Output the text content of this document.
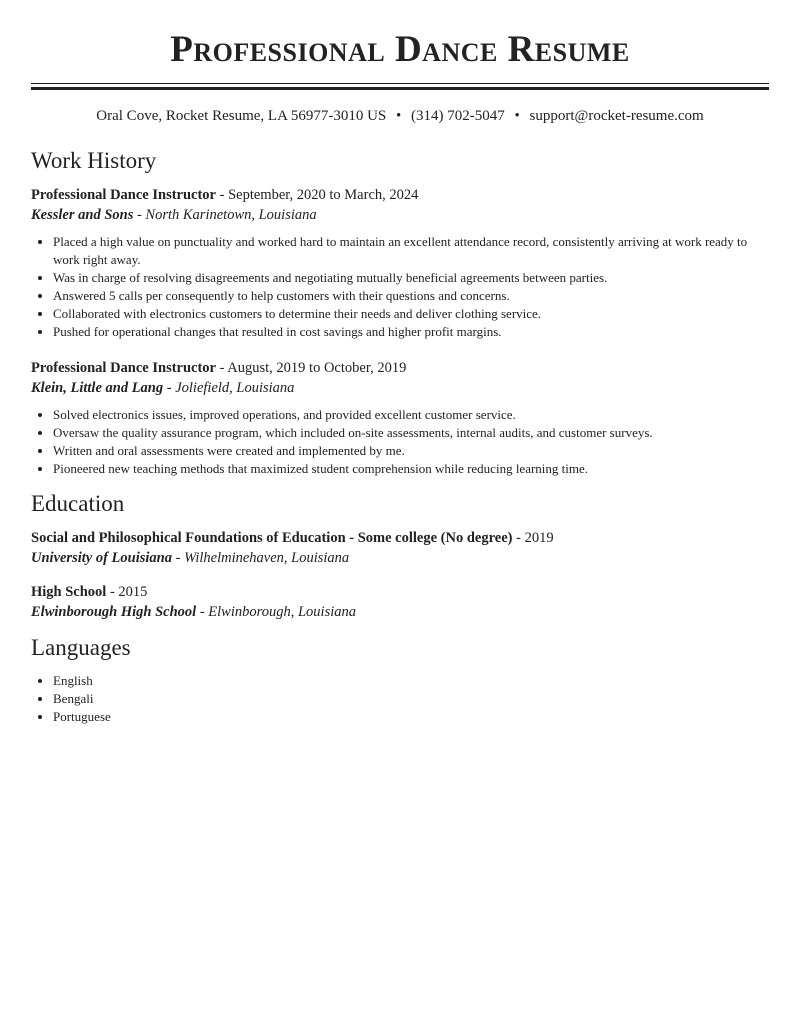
Professional Dance Resume
Oral Cove, Rocket Resume, LA 56977-3010 US • (314) 702-5047 • support@rocket-resume.com
Work History
Professional Dance Instructor - September, 2020 to March, 2024
Kessler and Sons - North Karinetown, Louisiana
• Placed a high value on punctuality and worked hard to maintain an excellent attendance record, consistently arriving at work ready to work right away.
• Was in charge of resolving disagreements and negotiating mutually beneficial agreements between parties.
• Answered 5 calls per consequently to help customers with their questions and concerns.
• Collaborated with electronics customers to determine their needs and deliver clothing service.
• Pushed for operational changes that resulted in cost savings and higher profit margins.
Professional Dance Instructor - August, 2019 to October, 2019
Klein, Little and Lang - Joliefield, Louisiana
• Solved electronics issues, improved operations, and provided excellent customer service.
• Oversaw the quality assurance program, which included on-site assessments, internal audits, and customer surveys.
• Written and oral assessments were created and implemented by me.
• Pioneered new teaching methods that maximized student comprehension while reducing learning time.
Education
Social and Philosophical Foundations of Education - Some college (No degree) - 2019
University of Louisiana - Wilhelminehaven, Louisiana
High School - 2015
Elwinborough High School - Elwinborough, Louisiana
Languages
• English
• Bengali
• Portuguese
